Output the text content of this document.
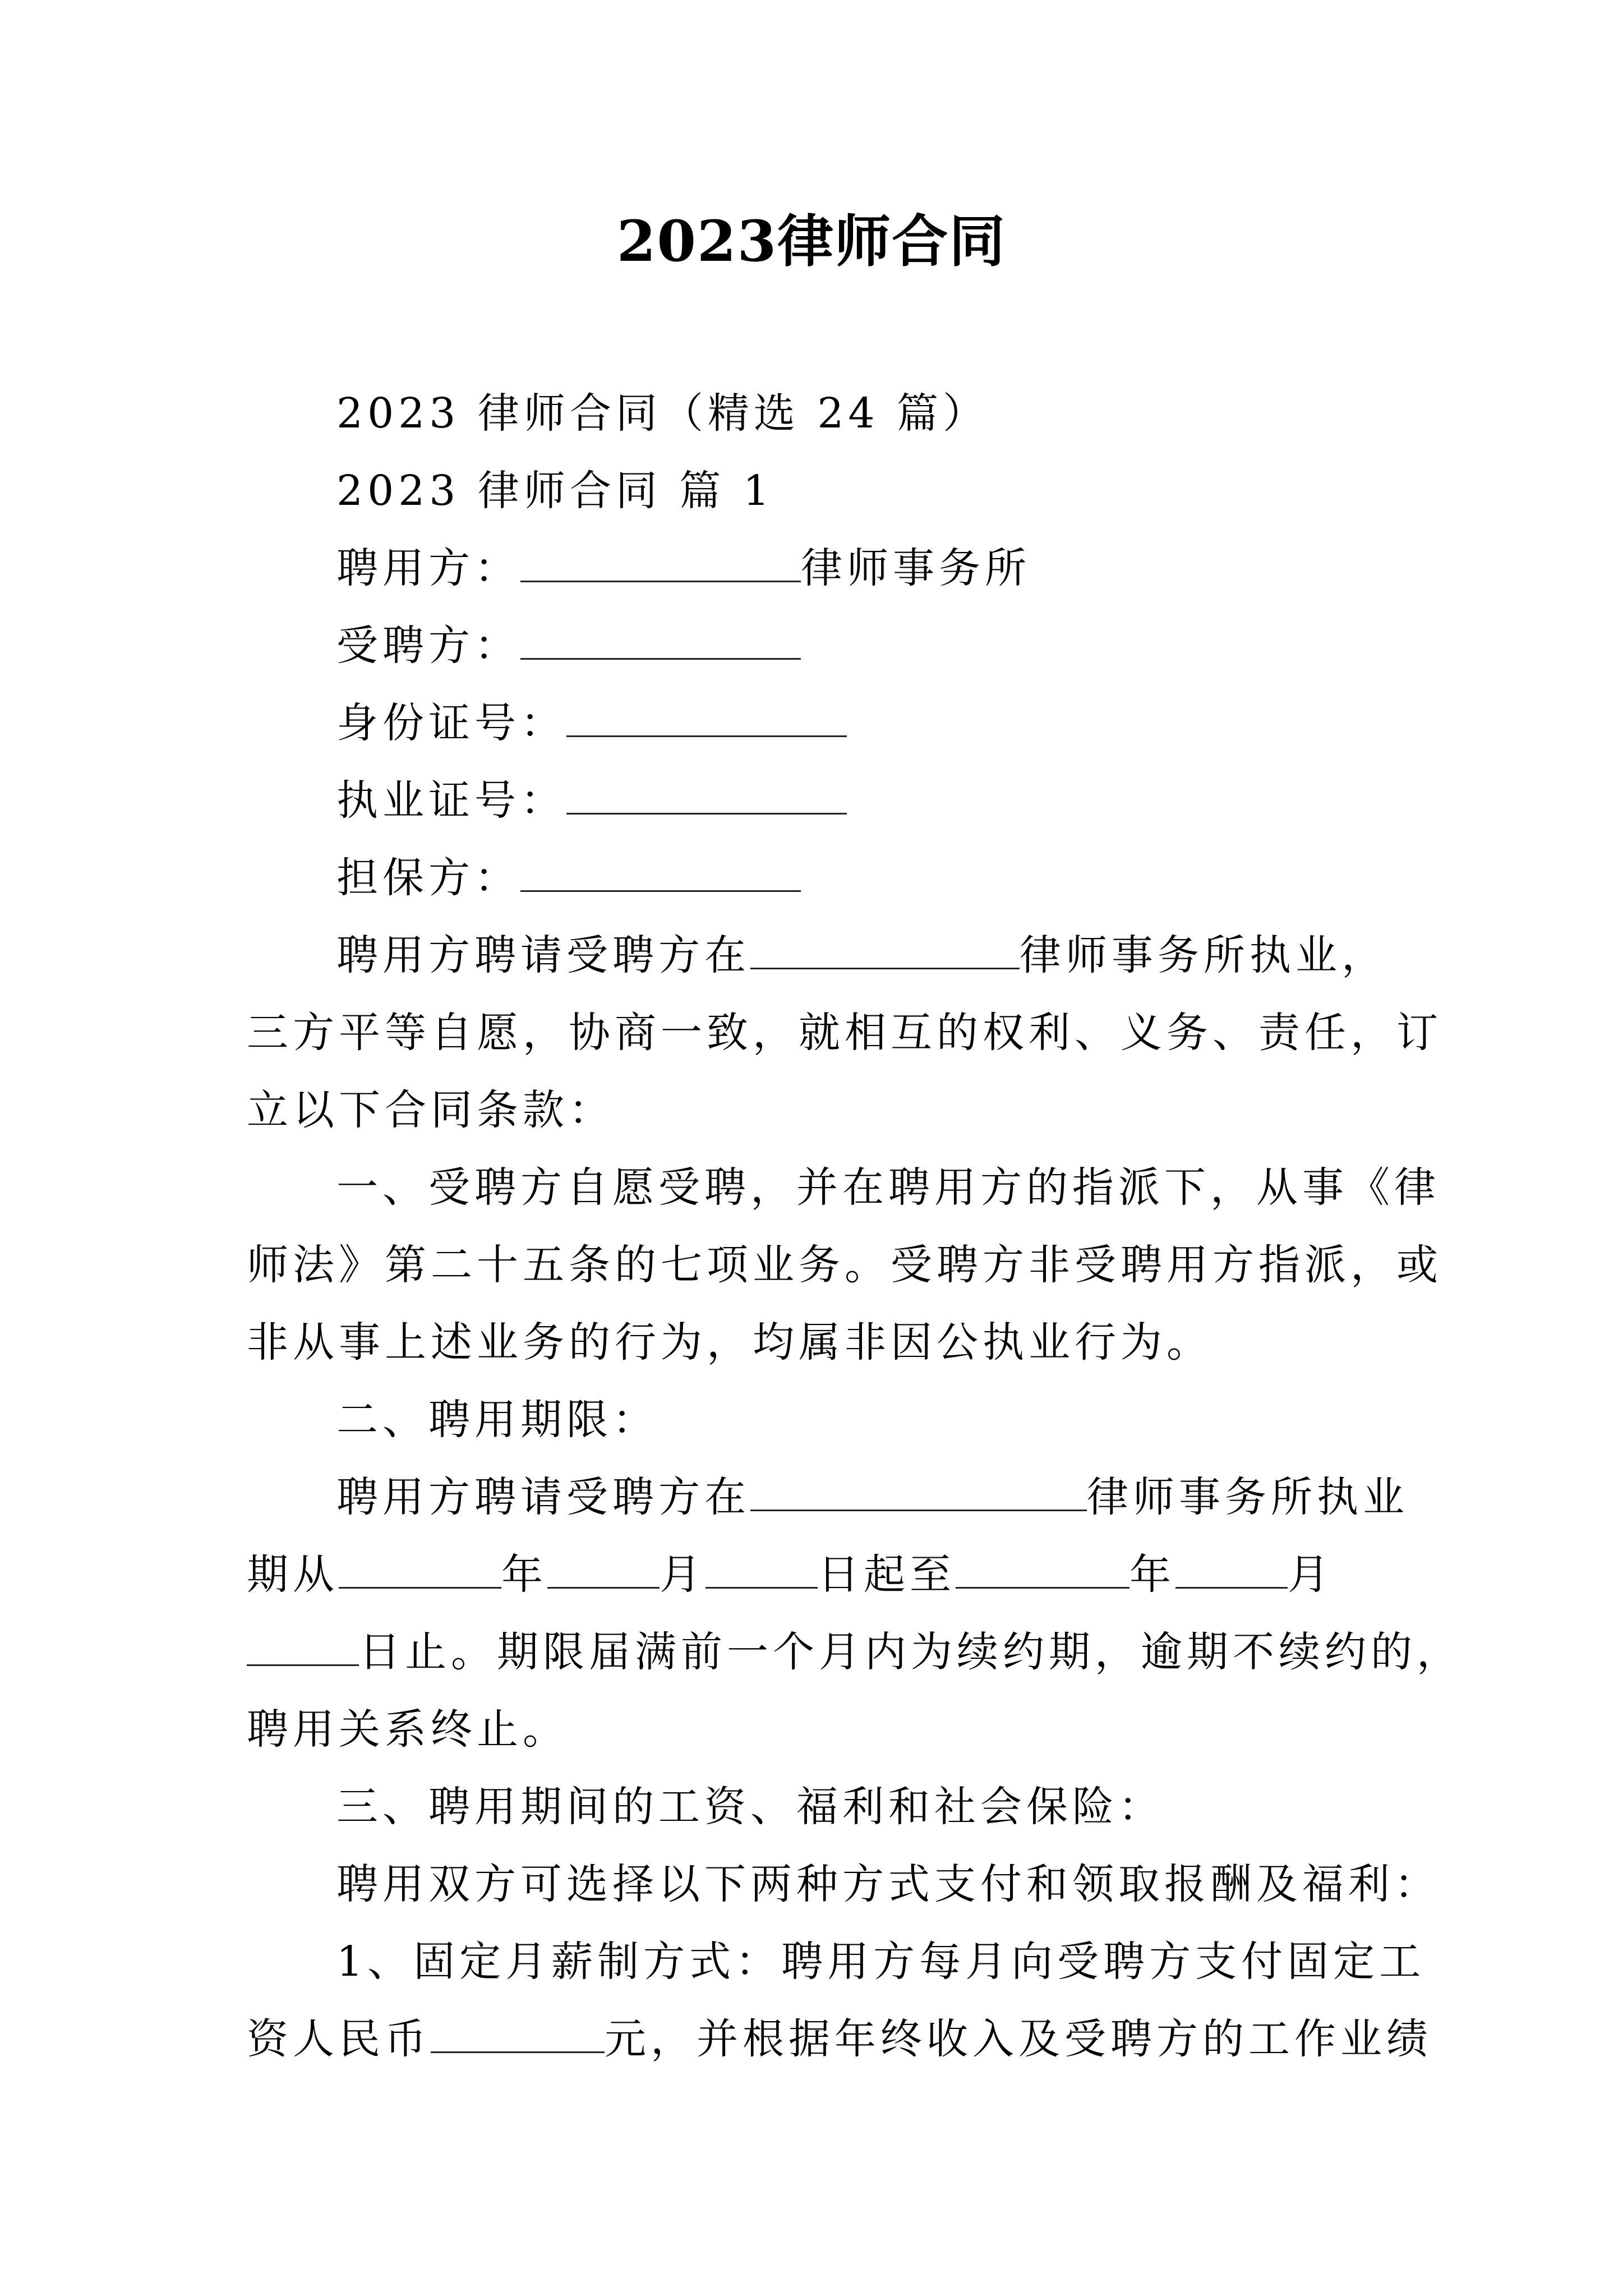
2023律师合同
2023 律师合同（精选 24 篇）
2023 律师合同 篇 1
聘用方：	律师事务所
受聘方：
身份证号：
执业证号：
担保方：
聘用方聘请受聘方在	律师事务所执业，
三方平等自愿，协商一致，就相互的权利、义务、责任，订
立以下合同条款：
一、受聘方自愿受聘，并在聘用方的指派下，从事《律
师法》第二十五条的七项业务。受聘方非受聘用方指派，或
非从事上述业务的行为，均属非因公执业行为。
二、聘用期限：
聘用方聘请受聘方在	律师事务所执业
期从	年	月	日起至	年	月
日止。期限届满前一个月内为续约期，逾期不续约的，
聘用关系终止。
三、聘用期间的工资、福利和社会保险：
聘用双方可选择以下两种方式支付和领取报酬及福利：
1、固定月薪制方式：聘用方每月向受聘方支付固定工
资人民币	元，并根据年终收入及受聘方的工作业绩
